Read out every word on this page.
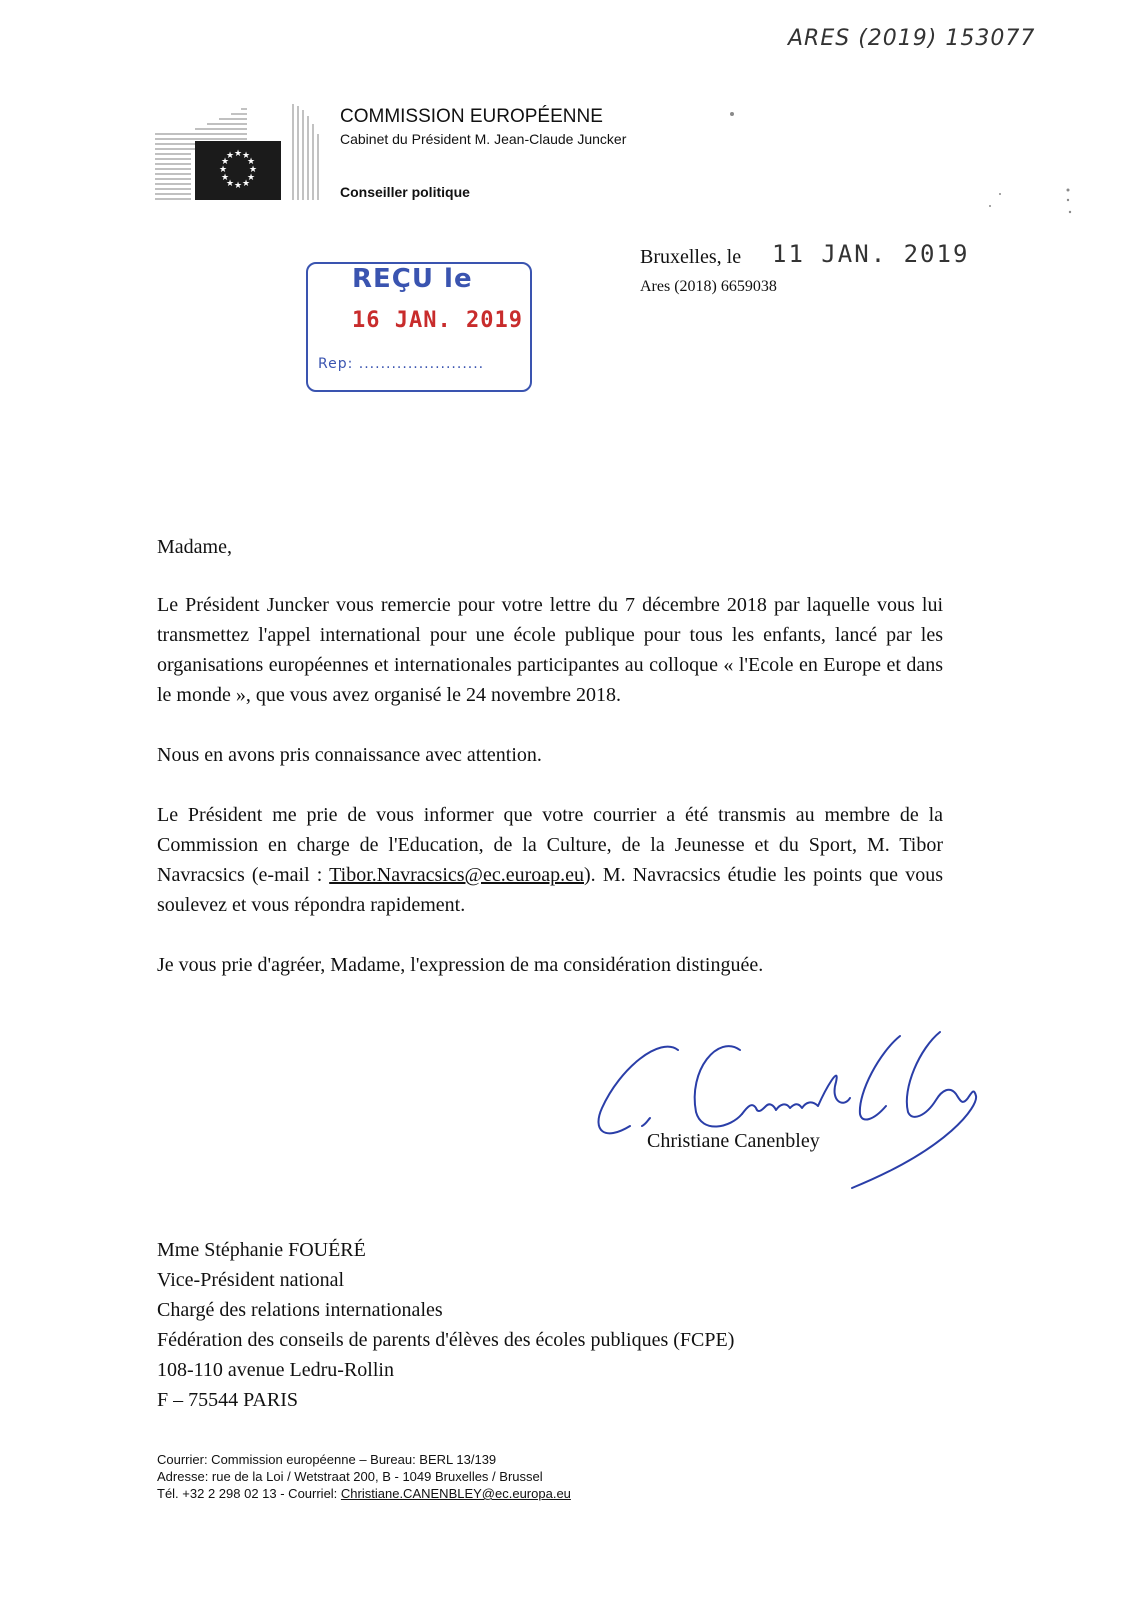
ARES (2019) 153077
★ ★
★
★
★
★
★
★
★
★
★
★
COMMISSION EUROPÉENNE
Cabinet du Président M. Jean-Claude Juncker
Conseiller politique
REÇU le
16 JAN. 2019
Rep: .......................
Bruxelles, le 11 JAN. 2019
Ares (2018) 6659038
Madame,
Le Président Juncker vous remercie pour votre lettre du 7 décembre 2018 par laquelle vous lui transmettez l'appel international pour une école publique pour tous les enfants, lancé par les organisations européennes et internationales participantes au colloque « l'Ecole en Europe et dans le monde », que vous avez organisé le 24 novembre 2018.
Nous en avons pris connaissance avec attention.
Le Président me prie de vous informer que votre courrier a été transmis au membre de la Commission en charge de l'Education, de la Culture, de la Jeunesse et du Sport, M. Tibor Navracsics (e-mail : Tibor.Navracsics@ec.euroap.eu). M. Navracsics étudie les points que vous soulevez et vous répondra rapidement.
Je vous prie d'agréer, Madame, l'expression de ma considération distinguée.
Christiane Canenbley
Mme Stéphanie FOUÉRÉ
Vice-Président national
Chargé des relations internationales
Fédération des conseils de parents d'élèves des écoles publiques (FCPE)
108-110 avenue Ledru-Rollin
F – 75544 PARIS
Courrier: Commission européenne – Bureau: BERL 13/139
Adresse: rue de la Loi / Wetstraat 200, B - 1049 Bruxelles / Brussel
Tél. +32 2 298 02 13 - Courriel: Christiane.CANENBLEY@ec.europa.eu
